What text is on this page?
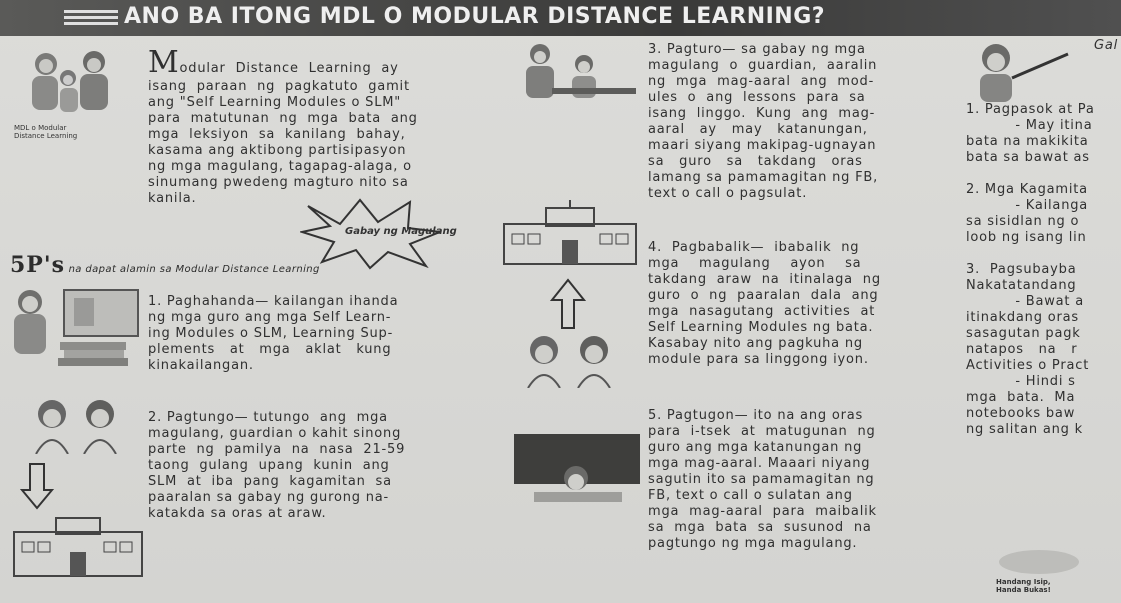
ANO BA ITONG MDL O MODULAR DISTANCE LEARNING?
MDL o Modular
Distance Learning
Modular  Distance  Learning  ay
isang  paraan  ng  pagkatuto  gamit
ang "Self Learning Modules o SLM"
para  matutunan  ng  mga  bata  ang
mga  leksiyon  sa  kanilang  bahay,
kasama ang aktibong partisipasyon
ng mga magulang, tagapag-alaga, o
sinumang pwedeng magturo nito sa
kanila.
Gabay ng Magulang
5P's na dapat alamin sa Modular Distance Learning
1. Paghahanda— kailangan ihanda
ng mga guro ang mga Self Learn-
ing Modules o SLM, Learning Sup-
plements   at   mga   aklat   kung
kinakailangan.
2. Pagtungo— tutungo  ang  mga
magulang, guardian o kahit sinong
parte  ng  pamilya  na  nasa  21-59
taong  gulang  upang  kunin  ang
SLM  at  iba  pang  kagamitan  sa
paaralan sa gabay ng gurong na-
katakda sa oras at araw.
3. Pagturo— sa gabay ng mga
magulang  o  guardian,  aaralin
ng  mga  mag-aaral  ang  mod-
ules  o  ang  lessons  para  sa
isang  linggo.  Kung  ang  mag-
aaral   ay   may   katanungan,
maari siyang makipag-ugnayan
sa   guro   sa   takdang   oras
lamang sa pamamagitan ng FB,
text o call o pagsulat.
4.  Pagbabalik—  ibabalik  ng
mga    magulang    ayon    sa
takdang  araw  na  itinalaga  ng
guro  o  ng  paaralan  dala  ang
mga  nasagutang  activities  at
Self Learning Modules ng bata.
Kasabay nito ang pagkuha ng
module para sa linggong iyon.
5. Pagtugon— ito na ang oras
para  i-tsek  at  matugunan  ng
guro ang mga katanungan ng
mga mag-aaral. Maaari niyang
sagutin ito sa pamamagitan ng
FB, text o call o sulatan ang
mga  mag-aaral  para  maibalik
sa  mga  bata  sa  susunod  na
pagtungo ng mga magulang.
Gal
1. Pagpasok at Pa
- May itina
bata na makikita
bata sa bawat as

2. Mga Kagamita
- Kailanga
sa sisidlan ng o
loob ng isang lin

3.  Pagsubayba
Nakatatandang
- Bawat a
itinakdang oras
sasagutan pagk
natapos   na   r
Activities o Pract
- Hindi s
mga  bata.  Ma
notebooks baw
ng salitan ang k
Handang Isip,
Handa Bukas!
